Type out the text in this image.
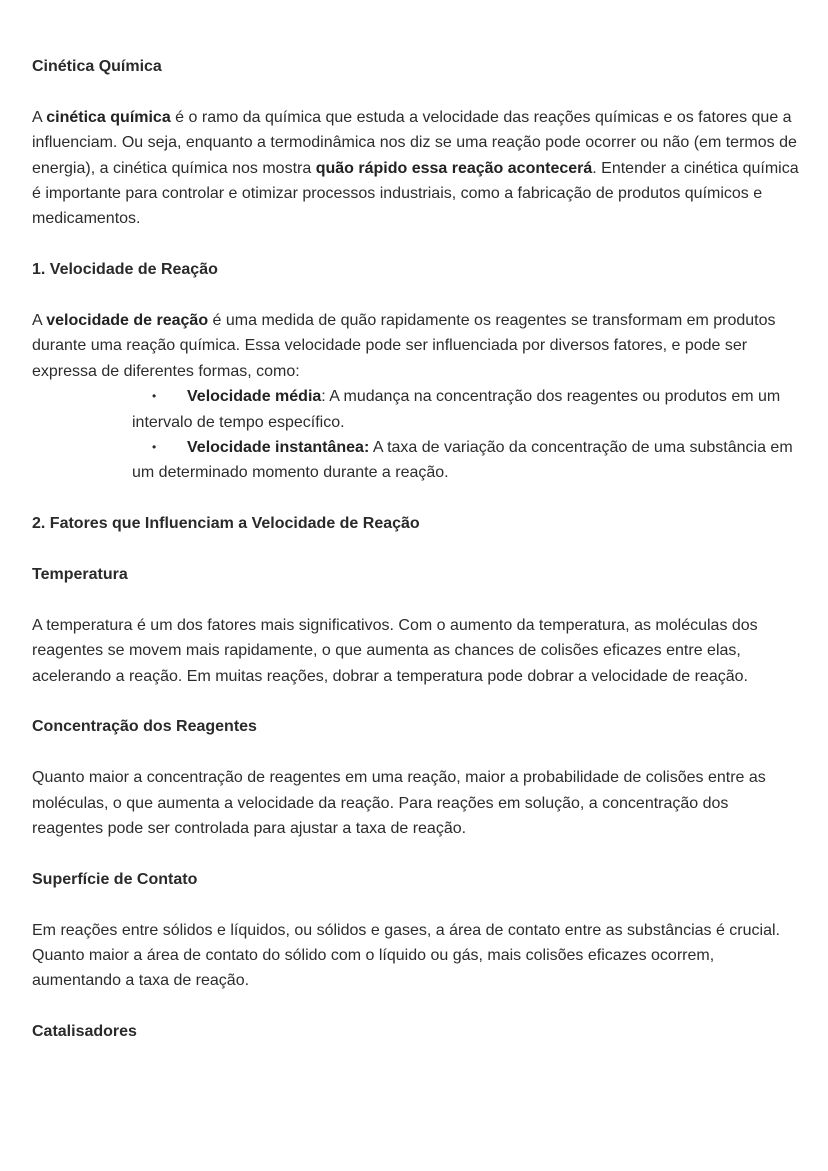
Cinética Química

A cinética química é o ramo da química que estuda a velocidade das reações químicas e os fatores que a influenciam. Ou seja, enquanto a termodinâmica nos diz se uma reação pode ocorrer ou não (em termos de energia), a cinética química nos mostra quão rápido essa reação acontecerá. Entender a cinética química é importante para controlar e otimizar processos industriais, como a fabricação de produtos químicos e medicamentos.

1. Velocidade de Reação

A velocidade de reação é uma medida de quão rapidamente os reagentes se transformam em produtos durante uma reação química. Essa velocidade pode ser influenciada por diversos fatores, e pode ser expressa de diferentes formas, como:

• Velocidade média: A mudança na concentração dos reagentes ou produtos em um intervalo de tempo específico.
• Velocidade instantânea: A taxa de variação da concentração de uma substância em um determinado momento durante a reação.
2. Fatores que Influenciam a Velocidade de Reação
Temperatura

A temperatura é um dos fatores mais significativos. Com o aumento da temperatura, as moléculas dos reagentes se movem mais rapidamente, o que aumenta as chances de colisões eficazes entre elas, acelerando a reação. Em muitas reações, dobrar a temperatura pode dobrar a velocidade de reação.

Concentração dos Reagentes

Quanto maior a concentração de reagentes em uma reação, maior a probabilidade de colisões entre as moléculas, o que aumenta a velocidade da reação. Para reações em solução, a concentração dos reagentes pode ser controlada para ajustar a taxa de reação.

Superfície de Contato

Em reações entre sólidos e líquidos, ou sólidos e gases, a área de contato entre as substâncias é crucial. Quanto maior a área de contato do sólido com o líquido ou gás, mais colisões eficazes ocorrem, aumentando a taxa de reação.

Catalisadores
